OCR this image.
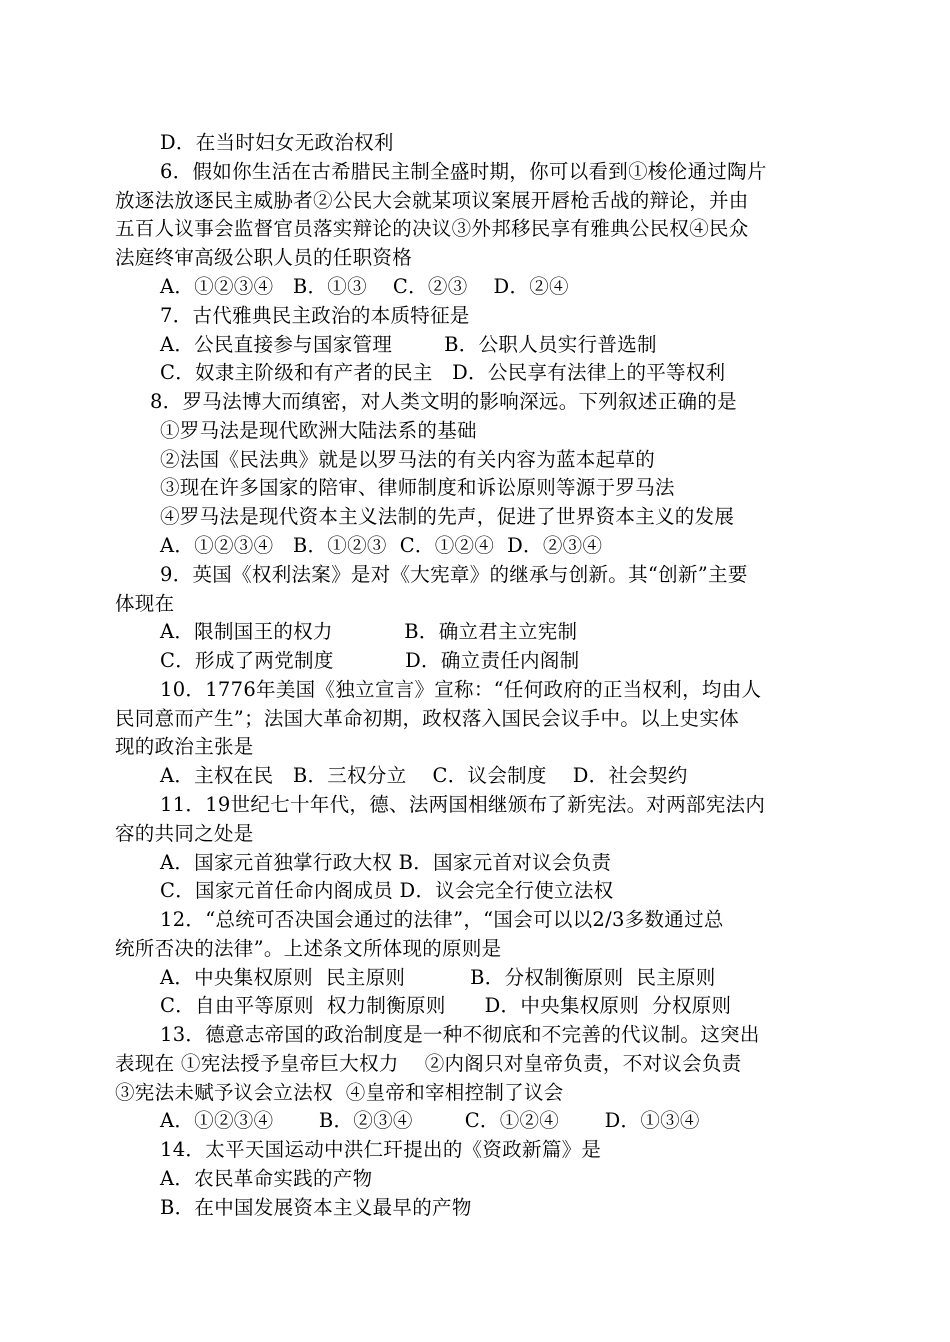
D．在当时妇女无政治权利
6．假如你生活在古希腊民主制全盛时期，你可以看到①梭伦通过陶片
放逐法放逐民主威胁者②公民大会就某项议案展开唇枪舌战的辩论，并由
五百人议事会监督官员落实辩论的决议③外邦移民享有雅典公民权④民众
法庭终审高级公职人员的任职资格
A．①②③④   B．①③    C．②③    D．②④
7．古代雅典民主政治的本质特征是
A．公民直接参与国家管理        B．公职人员实行普选制
C．奴隶主阶级和有产者的民主   D．公民享有法律上的平等权利
8．罗马法博大而缜密，对人类文明的影响深远。下列叙述正确的是
①罗马法是现代欧洲大陆法系的基础
②法国《民法典》就是以罗马法的有关内容为蓝本起草的
③现在许多国家的陪审、律师制度和诉讼原则等源于罗马法
④罗马法是现代资本主义法制的先声，促进了世界资本主义的发展
A．①②③④   B．①②③  C．①②④  D．②③④
9．英国《权利法案》是对《大宪章》的继承与创新。其“创新”主要
体现在
A．限制国王的权力           B．确立君主立宪制
C．形成了两党制度           D．确立责任内阁制
10．1776年美国《独立宣言》宣称：“任何政府的正当权利，均由人
民同意而产生”；法国大革命初期，政权落入国民会议手中。以上史实体
现的政治主张是
A．主权在民   B．三权分立    C．议会制度    D．社会契约
11．19世纪七十年代，德、法两国相继颁布了新宪法。对两部宪法内
容的共同之处是
A．国家元首独掌行政大权 B．国家元首对议会负责
C．国家元首任命内阁成员 D．议会完全行使立法权
12．“总统可否决国会通过的法律”，“国会可以以2/3多数通过总
统所否决的法律”。上述条文所体现的原则是
A．中央集权原则  民主原则          B．分权制衡原则  民主原则
C．自由平等原则  权力制衡原则      D．中央集权原则  分权原则
13．德意志帝国的政治制度是一种不彻底和不完善的代议制。这突出
表现在 ①宪法授予皇帝巨大权力    ②内阁只对皇帝负责，不对议会负责
③宪法未赋予议会立法权  ④皇帝和宰相控制了议会
A．①②③④       B．②③④        C．①②④       D．①③④
14．太平天国运动中洪仁玕提出的《资政新篇》是
A．农民革命实践的产物
B．在中国发展资本主义最早的产物
